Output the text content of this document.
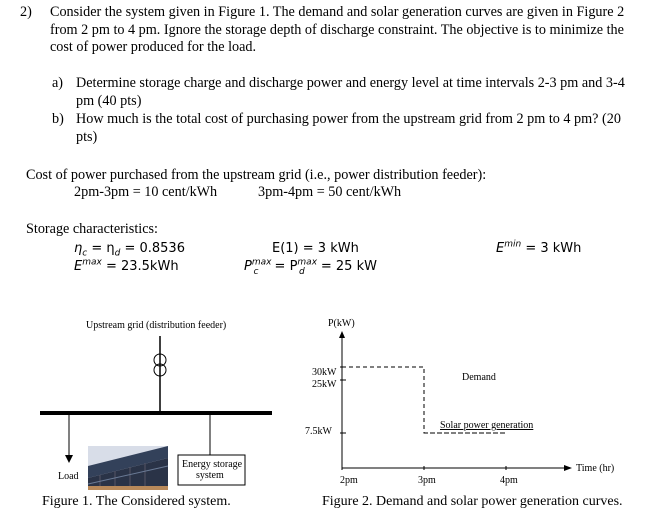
2) Consider the system given in Figure 1. The demand and solar generation curves are given in Figure 2
from 2 pm to 4 pm. Ignore the storage depth of discharge constraint. The objective is to minimize the
cost of power produced for the load.
a) Determine storage charge and discharge power and energy level at time intervals 2-3 pm and 3-4
pm (40 pts)
b) How much is the total cost of purchasing power from the upstream grid from 2 pm to 4 pm? (20
pts)
Cost of power purchased from the upstream grid (i.e., power distribution feeder):
2pm-3pm = 10 cent/kWh	3pm-4pm = 50 cent/kWh
Storage characteristics:
$\eta_c = \eta_d = 0.8536$
$E^{max} = 23.5kWh$
E(1) = 3 kWh
$P^{max}_c = P^{max}_d = 25$ kW
$E^{min} = 3$ kWh
Upstream grid (distribution feeder)
Load
Energy storage
system
Figure 1. The Considered system.
P(kW)
Time (hr)
30kW
25kW
7.5kW
2pm	3pm	4pm
Demand
Solar power generation
Figure 2. Demand and solar power generation curves.
